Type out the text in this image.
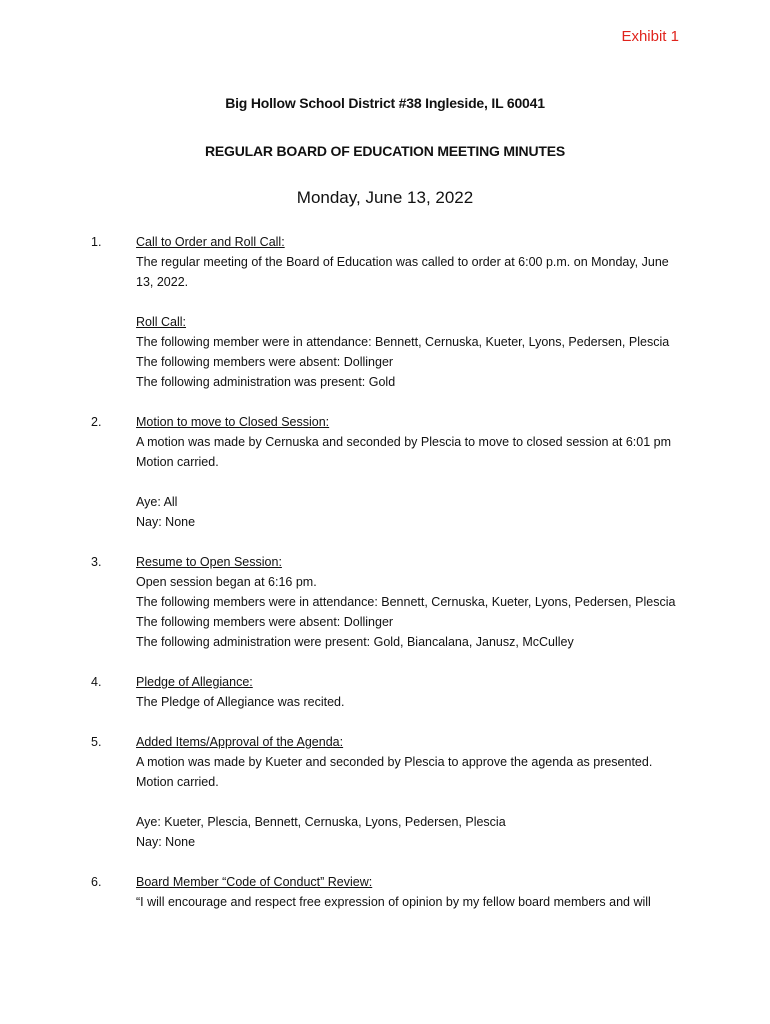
Exhibit 1
Big Hollow School District #38 Ingleside, IL 60041
REGULAR BOARD OF EDUCATION MEETING MINUTES
Monday, June 13, 2022
1.	Call to Order and Roll Call:
The regular meeting of the Board of Education was called to order at 6:00 p.m. on Monday, June
13, 2022.
Roll Call:
The following member were in attendance: Bennett, Cernuska, Kueter, Lyons, Pedersen, Plescia
The following members were absent: Dollinger
The following administration was present: Gold
2.	Motion to move to Closed Session:
A motion was made by Cernuska and seconded by Plescia to move to closed session at 6:01 pm
Motion carried.
Aye: All
Nay: None
3.	Resume to Open Session:
Open session began at 6:16 pm.
The following members were in attendance: Bennett, Cernuska, Kueter, Lyons, Pedersen, Plescia
The following members were absent: Dollinger
The following administration were present: Gold, Biancalana, Janusz, McCulley
4.	Pledge of Allegiance:
The Pledge of Allegiance was recited.
5.	Added Items/Approval of the Agenda:
A motion was made by Kueter and seconded by Plescia to approve the agenda as presented.
Motion carried.
Aye: Kueter, Plescia, Bennett, Cernuska, Lyons, Pedersen, Plescia
Nay: None
6.	Board Member “Code of Conduct” Review:
“I will encourage and respect free expression of opinion by my fellow board members and will
